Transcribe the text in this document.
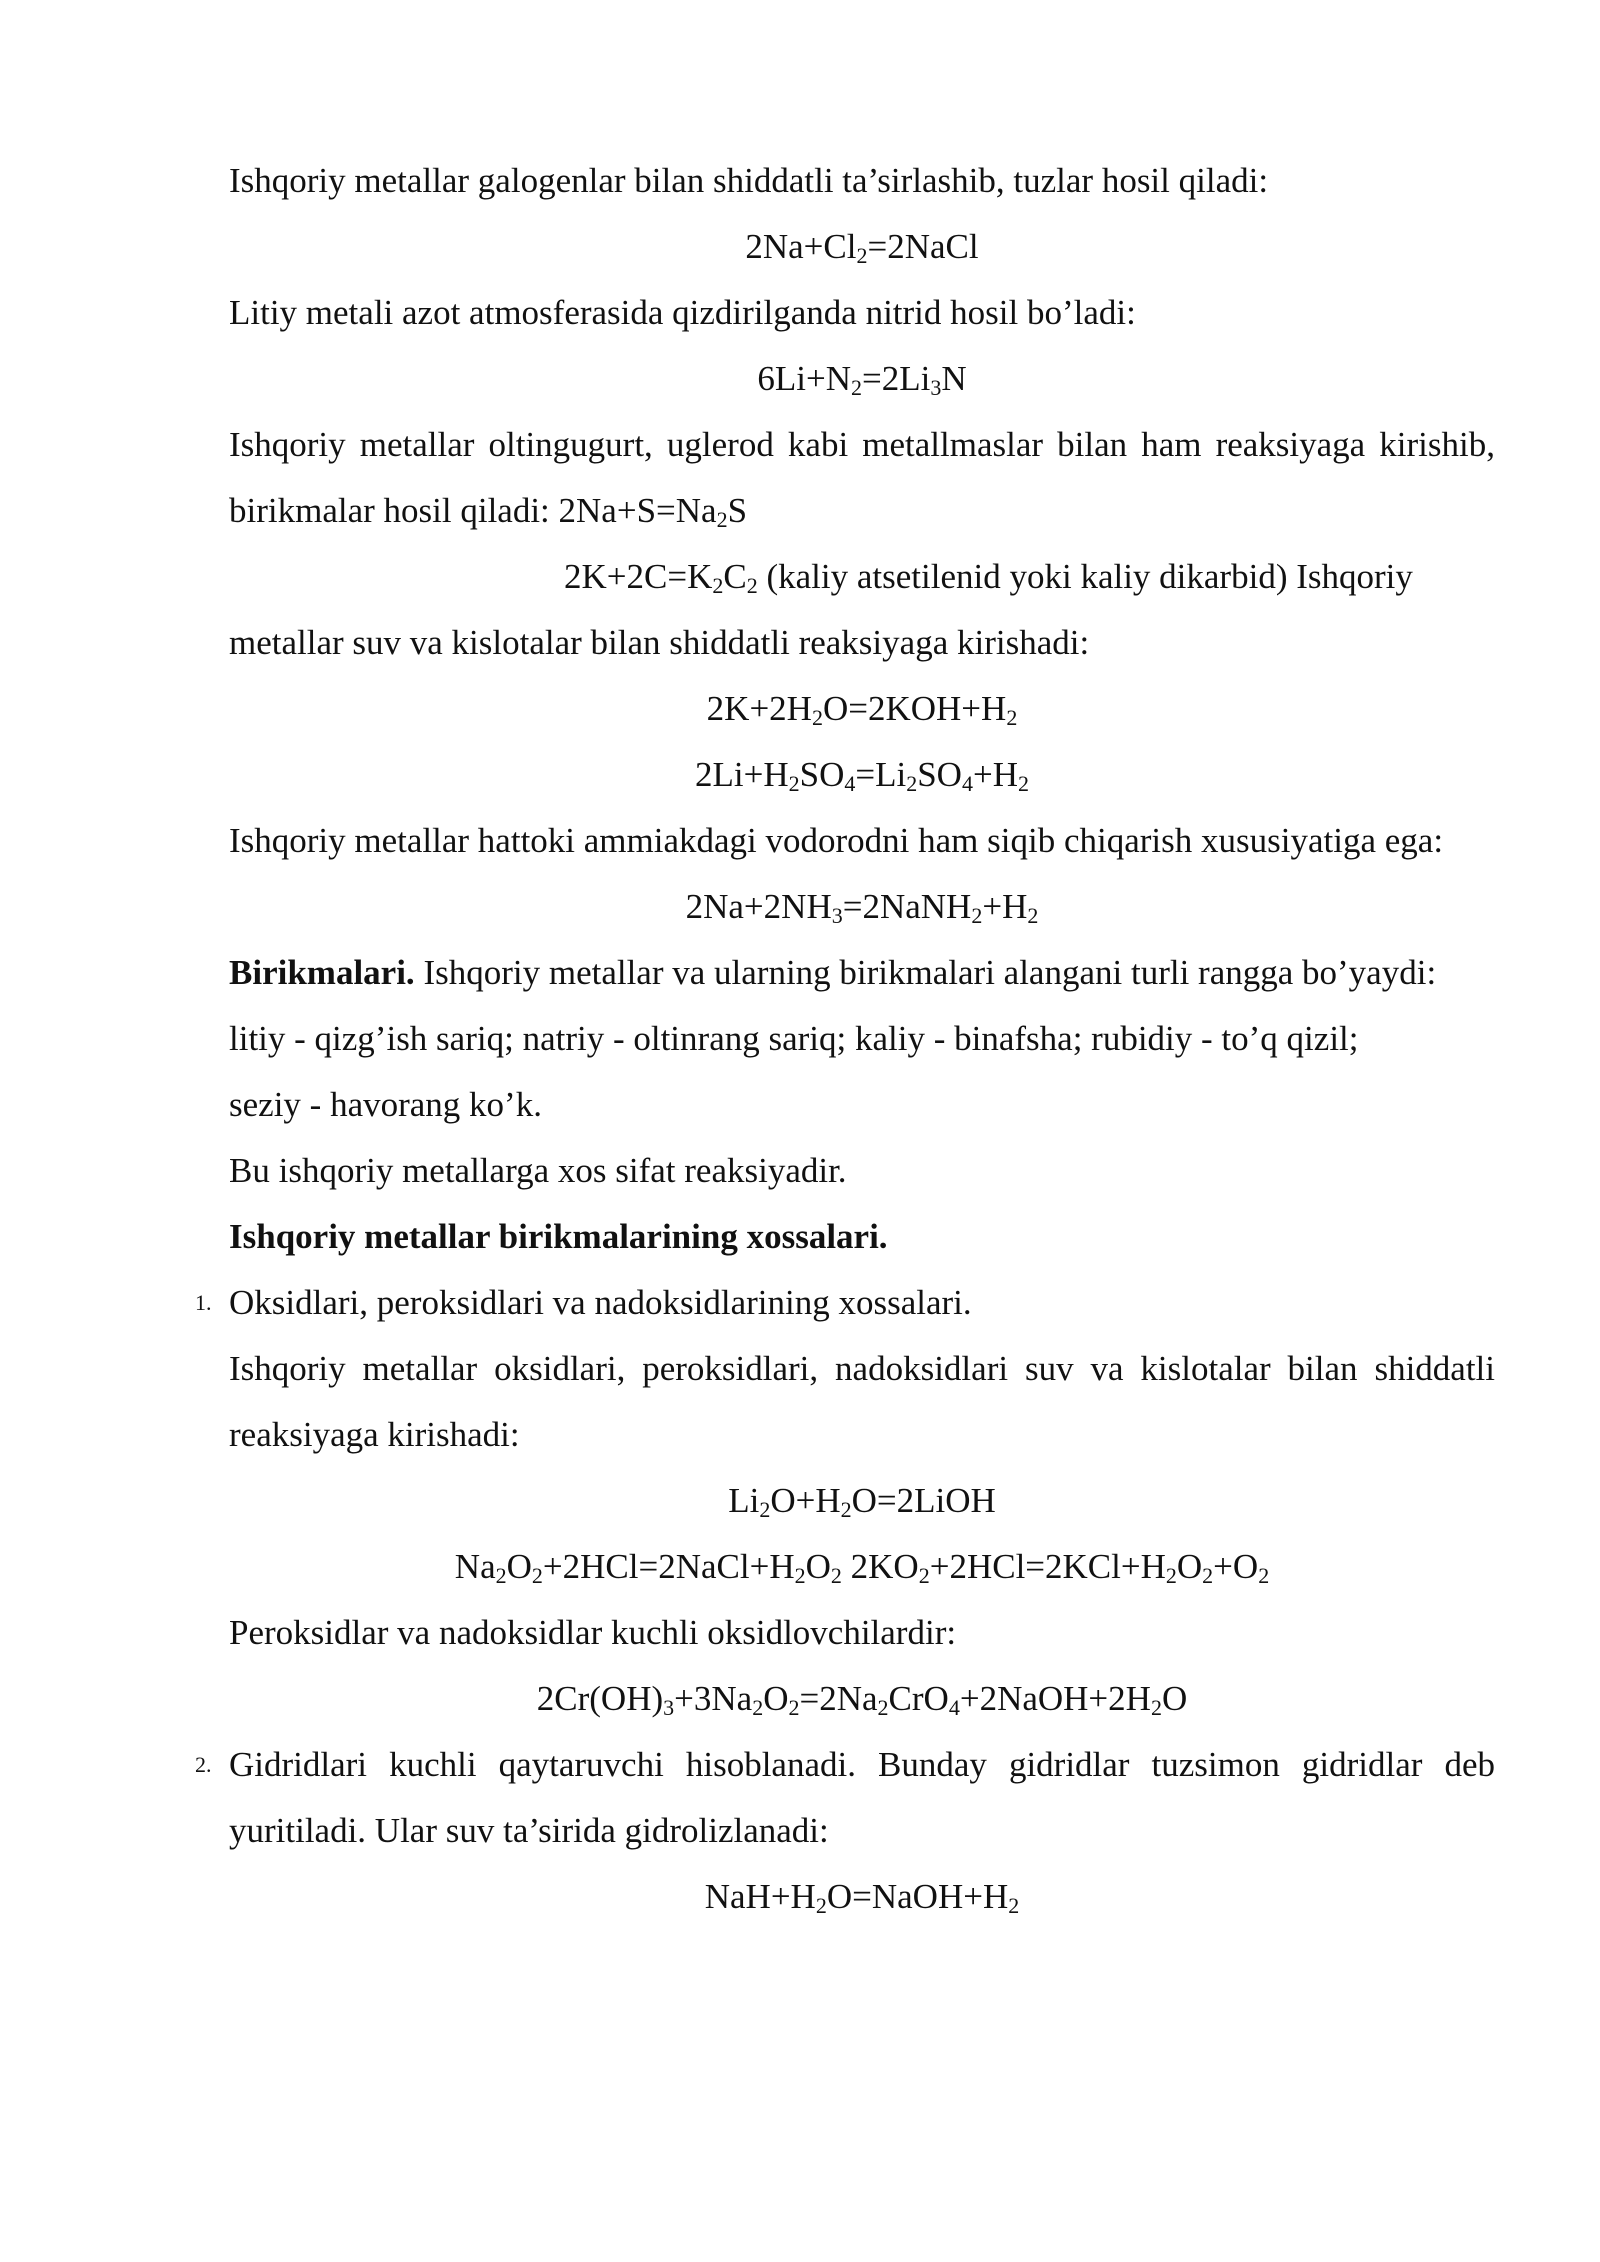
Ishqoriy metallar galogenlar bilan shiddatli ta’sirlashib, tuzlar hosil qiladi:

$2Na+Cl_2=2NaCl$

Litiy metali azot atmosferasida qizdirilganda nitrid hosil bo’ladi:

$6Li+N_2=2Li_3N$

Ishqoriy metallar oltingugurt, uglerod kabi metallmaslar bilan ham reaksiyaga kirishib, birikmalar hosil qiladi: $2Na+S=Na_2S$

$2K+2C=K_2C_2$ (kaliy atsetilenid yoki kaliy dikarbid) Ishqoriy

metallar suv va kislotalar bilan shiddatli reaksiyaga kirishadi:

$2K+2H_2O=2KOH+H_2$

$2Li+H_2SO_4=Li_2SO_4+H_2$

Ishqoriy metallar hattoki ammiakdagi vodorodni ham siqib chiqarish xususiyatiga ega:

$2Na+2NH_3=2NaNH_2+H_2$

Birikmalari. Ishqoriy metallar va ularning birikmalari alangani turli rangga bo’yaydi:

litiy - qizg’ish sariq; natriy - oltinrang sariq; kaliy - binafsha; rubidiy - to’q qizil;

seziy - havorang ko’k.

Bu ishqoriy metallarga xos sifat reaksiyadir.

Ishqoriy metallar birikmalarining xossalari.

1. Oksidlari, peroksidlari va nadoksidlarining xossalari.

Ishqoriy metallar oksidlari, peroksidlari, nadoksidlari suv va kislotalar bilan shiddatli reaksiyaga kirishadi:

$Li_2O+H_2O=2LiOH$

$Na_2O_2+2HCl=2NaCl+H_2O_2$ $2KO_2+2HCl=2KCl+H_2O_2+O_2$

Peroksidlar va nadoksidlar kuchli oksidlovchilardir:

$2Cr(OH)_3+3Na_2O_2=2Na_2CrO_4+2NaOH+2H_2O$

2. Gidridlari kuchli qaytaruvchi hisoblanadi. Bunday gidridlar tuzsimon gidridlar deb yuritiladi. Ular suv ta’sirida gidrolizlanadi:

$NaH+H_2O=NaOH+H_2$
